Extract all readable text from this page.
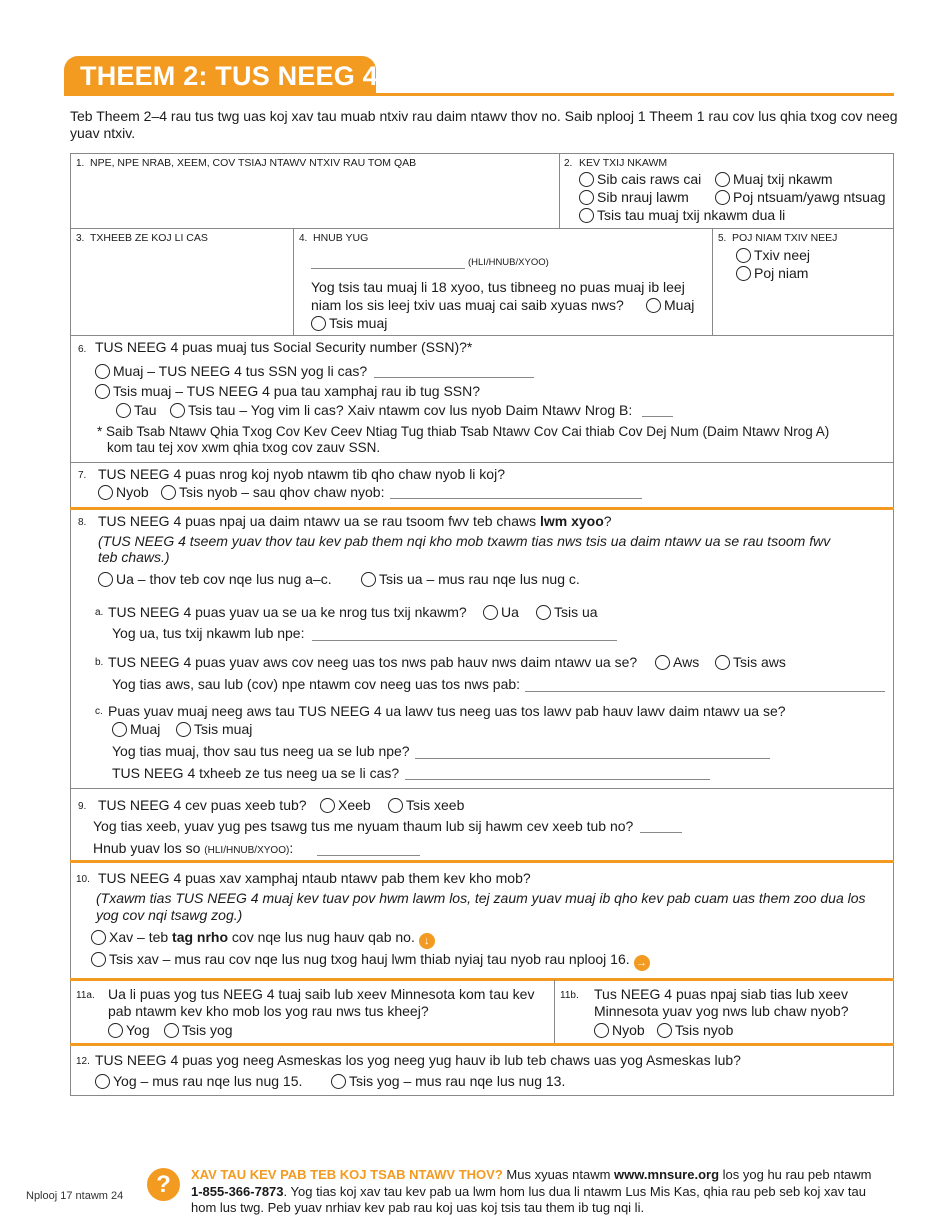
THEEM 2: TUS NEEG 4
Teb Theem 2–4 rau tus twg uas koj xav tau muab ntxiv rau daim ntawv thov no. Saib nplooj 1 Theem 1 rau cov lus qhia txog cov neeg yuav ntxiv.
1. NPE, NPE NRAB, XEEM, COV TSIAJ NTAWV NTXIV RAU TOM QAB	2. KEV TXIJ NKAWM
Sib cais raws cai	Muaj txij nkawm
Sib nrauj lawm	Poj ntsuam/yawg ntsuag
Tsis tau muaj txij nkawm dua li
3. TXHEEB ZE KOJ LI CAS	4. HNUB YUG
(HLI/HNUB/XYOO)
Yog tsis tau muaj li 18 xyoo, tus tibneeg no puas muaj ib leej
niam los sis leej txiv uas muaj cai saib xyuas nws?	Muaj
Tsis muaj
5. POJ NIAM TXIV NEEJ
Txiv neej
Poj niam
6. TUS NEEG 4 puas muaj tus Social Security number (SSN)?*
Muaj – TUS NEEG 4 tus SSN yog li cas?
Tsis muaj – TUS NEEG 4 pua tau xamphaj rau ib tug SSN?
Tau	Tsis tau – Yog vim li cas? Xaiv ntawm cov lus nyob Daim Ntawv Nrog B:
* Saib Tsab Ntawv Qhia Txog Cov Kev Ceev Ntiag Tug thiab Tsab Ntawv Cov Cai thiab Cov Dej Num (Daim Ntawv Nrog A)
kom tau tej xov xwm qhia txog cov zauv SSN.
7. TUS NEEG 4 puas nrog koj nyob ntawm tib qho chaw nyob li koj?
Nyob	Tsis nyob – sau qhov chaw nyob:
8. TUS NEEG 4 puas npaj ua daim ntawv ua se rau tsoom fwv teb chaws lwm xyoo?
(TUS NEEG 4 tseem yuav thov tau kev pab them nqi kho mob txawm tias nws tsis ua daim ntawv ua se rau tsoom fwv
teb chaws.)
Ua – thov teb cov nqe lus nug a–c.	Tsis ua – mus rau nqe lus nug c.
a. TUS NEEG 4 puas yuav ua se ua ke nrog tus txij nkawm?	Ua	Tsis ua
Yog ua, tus txij nkawm lub npe:
b. TUS NEEG 4 puas yuav aws cov neeg uas tos nws pab hauv nws daim ntawv ua se?	Aws	Tsis aws
Yog tias aws, sau lub (cov) npe ntawm cov neeg uas tos nws pab:
c. Puas yuav muaj neeg aws tau TUS NEEG 4 ua lawv tus neeg uas tos lawv pab hauv lawv daim ntawv ua se?
Muaj	Tsis muaj
Yog tias muaj, thov sau tus neeg ua se lub npe?
TUS NEEG 4 txheeb ze tus neeg ua se li cas?
9. TUS NEEG 4 cev puas xeeb tub?	Xeeb	Tsis xeeb
Yog tias xeeb, yuav yug pes tsawg tus me nyuam thaum lub sij hawm cev xeeb tub no?
Hnub yuav los so (HLI/HNUB/XYOO):
10. TUS NEEG 4 puas xav xamphaj ntaub ntawv pab them kev kho mob?
(Txawm tias TUS NEEG 4 muaj kev tuav pov hwm lawm los, tej zaum yuav muaj ib qho kev pab cuam uas them zoo dua los
yog cov nqi tsawg zog.)
Xav – teb tag nrho cov nqe lus nug hauv qab no. ↓
Tsis xav – mus rau cov nqe lus nug txog hauj lwm thiab nyiaj tau nyob rau nplooj 16. →
11a. Ua li puas yog tus NEEG 4 tuaj saib lub xeev Minnesota kom tau kev
pab ntawm kev kho mob los yog rau nws tus kheej?
Yog	Tsis yog
11b. Tus NEEG 4 puas npaj siab tias lub xeev
Minnesota yuav yog nws lub chaw nyob?
Nyob	Tsis nyob
12. TUS NEEG 4 puas yog neeg Asmeskas los yog neeg yug hauv ib lub teb chaws uas yog Asmeskas lub?
Yog – mus rau nqe lus nug 15.	Tsis yog – mus rau nqe lus nug 13.
Nplooj 17 ntawm 24	?	XAV TAU KEV PAB TEB KOJ TSAB NTAWV THOV? Mus xyuas ntawm www.mnsure.org los yog hu rau peb ntawm 1-855-366-7873. Yog tias koj xav tau kev pab ua lwm hom lus dua li ntawm Lus Mis Kas, qhia rau peb seb koj xav tau hom lus twg. Peb yuav nrhiav kev pab rau koj uas koj tsis tau them ib tug nqi li.
